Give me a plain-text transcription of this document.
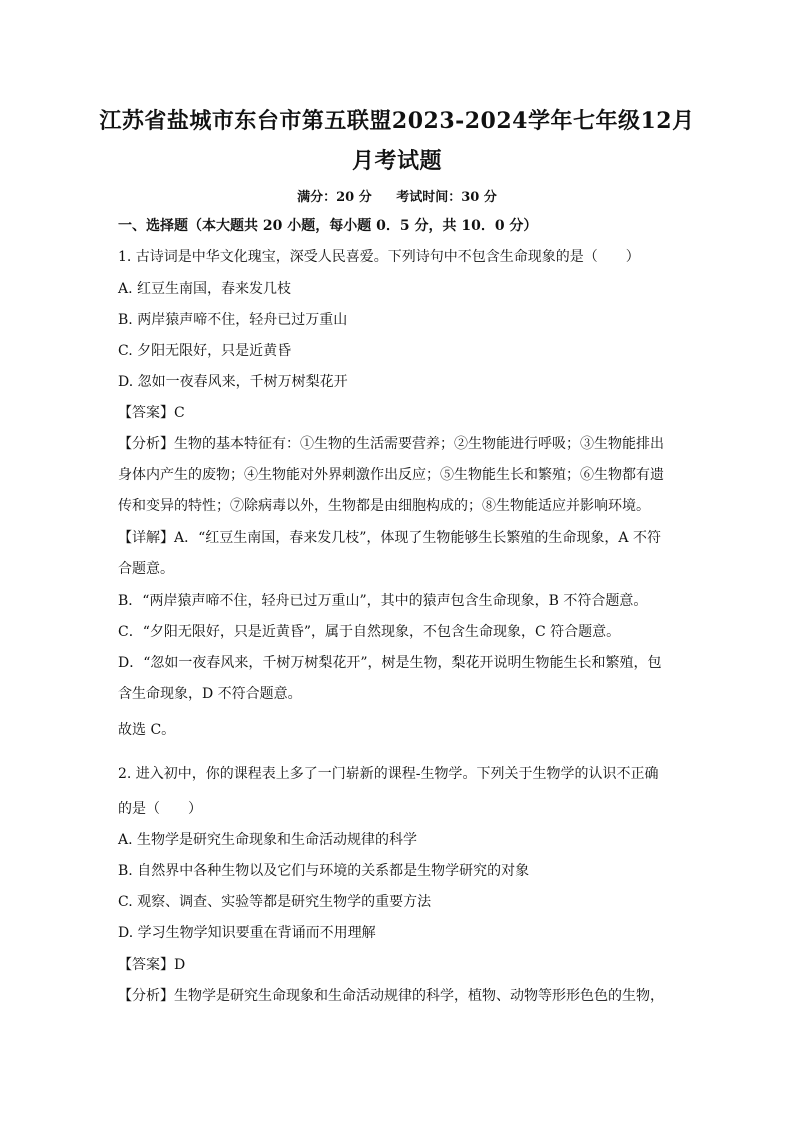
江苏省盐城市东台市第五联盟2023-2024学年七年级12月
月考试题
满分：20 分 考试时间：30 分
一、选择题（本大题共 20 小题，每小题 0．5 分，共 10．0 分）
1. 古诗词是中华文化瑰宝，深受人民喜爱。下列诗句中不包含生命现象的是（　　）
A. 红豆生南国，春来发几枝
B. 两岸猿声啼不住，轻舟已过万重山
C. 夕阳无限好，只是近黄昏
D. 忽如一夜春风来，千树万树梨花开
【答案】C
【分析】生物的基本特征有：①生物的生活需要营养；②生物能进行呼吸；③生物能排出
身体内产生的废物；④生物能对外界刺激作出反应；⑤生物能生长和繁殖；⑥生物都有遗
传和变异的特性；⑦除病毒以外，生物都是由细胞构成的；⑧生物能适应并影响环境。
【详解】A．“红豆生南国，春来发几枝”，体现了生物能够生长繁殖的生命现象，A 不符
合题意。
B．“两岸猿声啼不住，轻舟已过万重山”，其中的猿声包含生命现象，B 不符合题意。
C．“夕阳无限好，只是近黄昏”，属于自然现象，不包含生命现象，C 符合题意。
D．“忽如一夜春风来，千树万树梨花开”，树是生物，梨花开说明生物能生长和繁殖，包
含生命现象，D 不符合题意。
故选 C。
2. 进入初中，你的课程表上多了一门崭新的课程-生物学。下列关于生物学的认识不正确
的是（　　）
A. 生物学是研究生命现象和生命活动规律的科学
B. 自然界中各种生物以及它们与环境的关系都是生物学研究的对象
C. 观察、调查、实验等都是研究生物学的重要方法
D. 学习生物学知识要重在背诵而不用理解
【答案】D
【分析】生物学是研究生命现象和生命活动规律的科学，植物、动物等形形色色的生物，
